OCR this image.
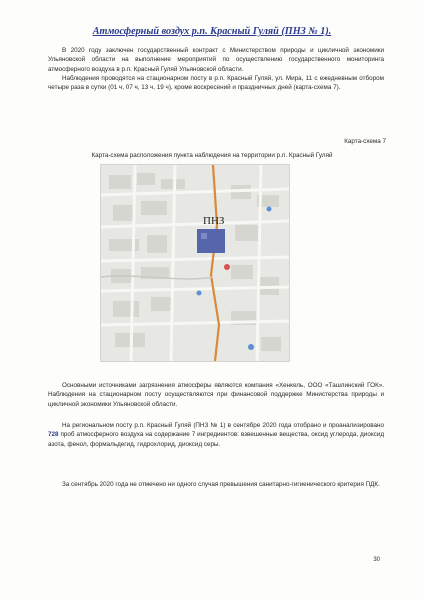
Атмосферный воздух р.п. Красный Гуляй (ПНЗ № 1).

В 2020 году заключен государственный контракт с Министерством природы и цикличной экономики Ульяновской области на выполнение мероприятий по осуществлению государственного мониторинга атмосферного воздуха в р.п. Красный Гуляй Ульяновской области.

Наблюдения проводятся на стационарном посту в р.п. Красный Гуляй, ул. Мира, 11 с ежедневным отбором четыре раза в сутки (01 ч, 07 ч, 13 ч, 19 ч), кроме воскресений и праздничных дней (карта-схема 7).

Карта-схема 7
Карта-схема расположения пункта наблюдения на территории р.п. Красный Гуляй
ПНЗ

Основными источниками загрязнения атмосферы являются компания «Хенкель, ООО «Ташлинский ГОК». Наблюдения на стационарном посту осуществляются при финансовой поддержке Министерства природы и цикличной экономики Ульяновской области.

На региональном посту р.п. Красный Гуляй (ПНЗ № 1) в сентябре 2020 года отобрано и проанализировано 728 проб атмосферного воздуха на содержание 7 ингредиентов: взвешенные вещества, оксид углерода, диоксид азота, фенол, формальдегид, гидрохлорид, диоксид серы.

За сентябрь 2020 года не отмечено ни одного случая превышения санитарно-гигиенического критерия ПДК.

30
